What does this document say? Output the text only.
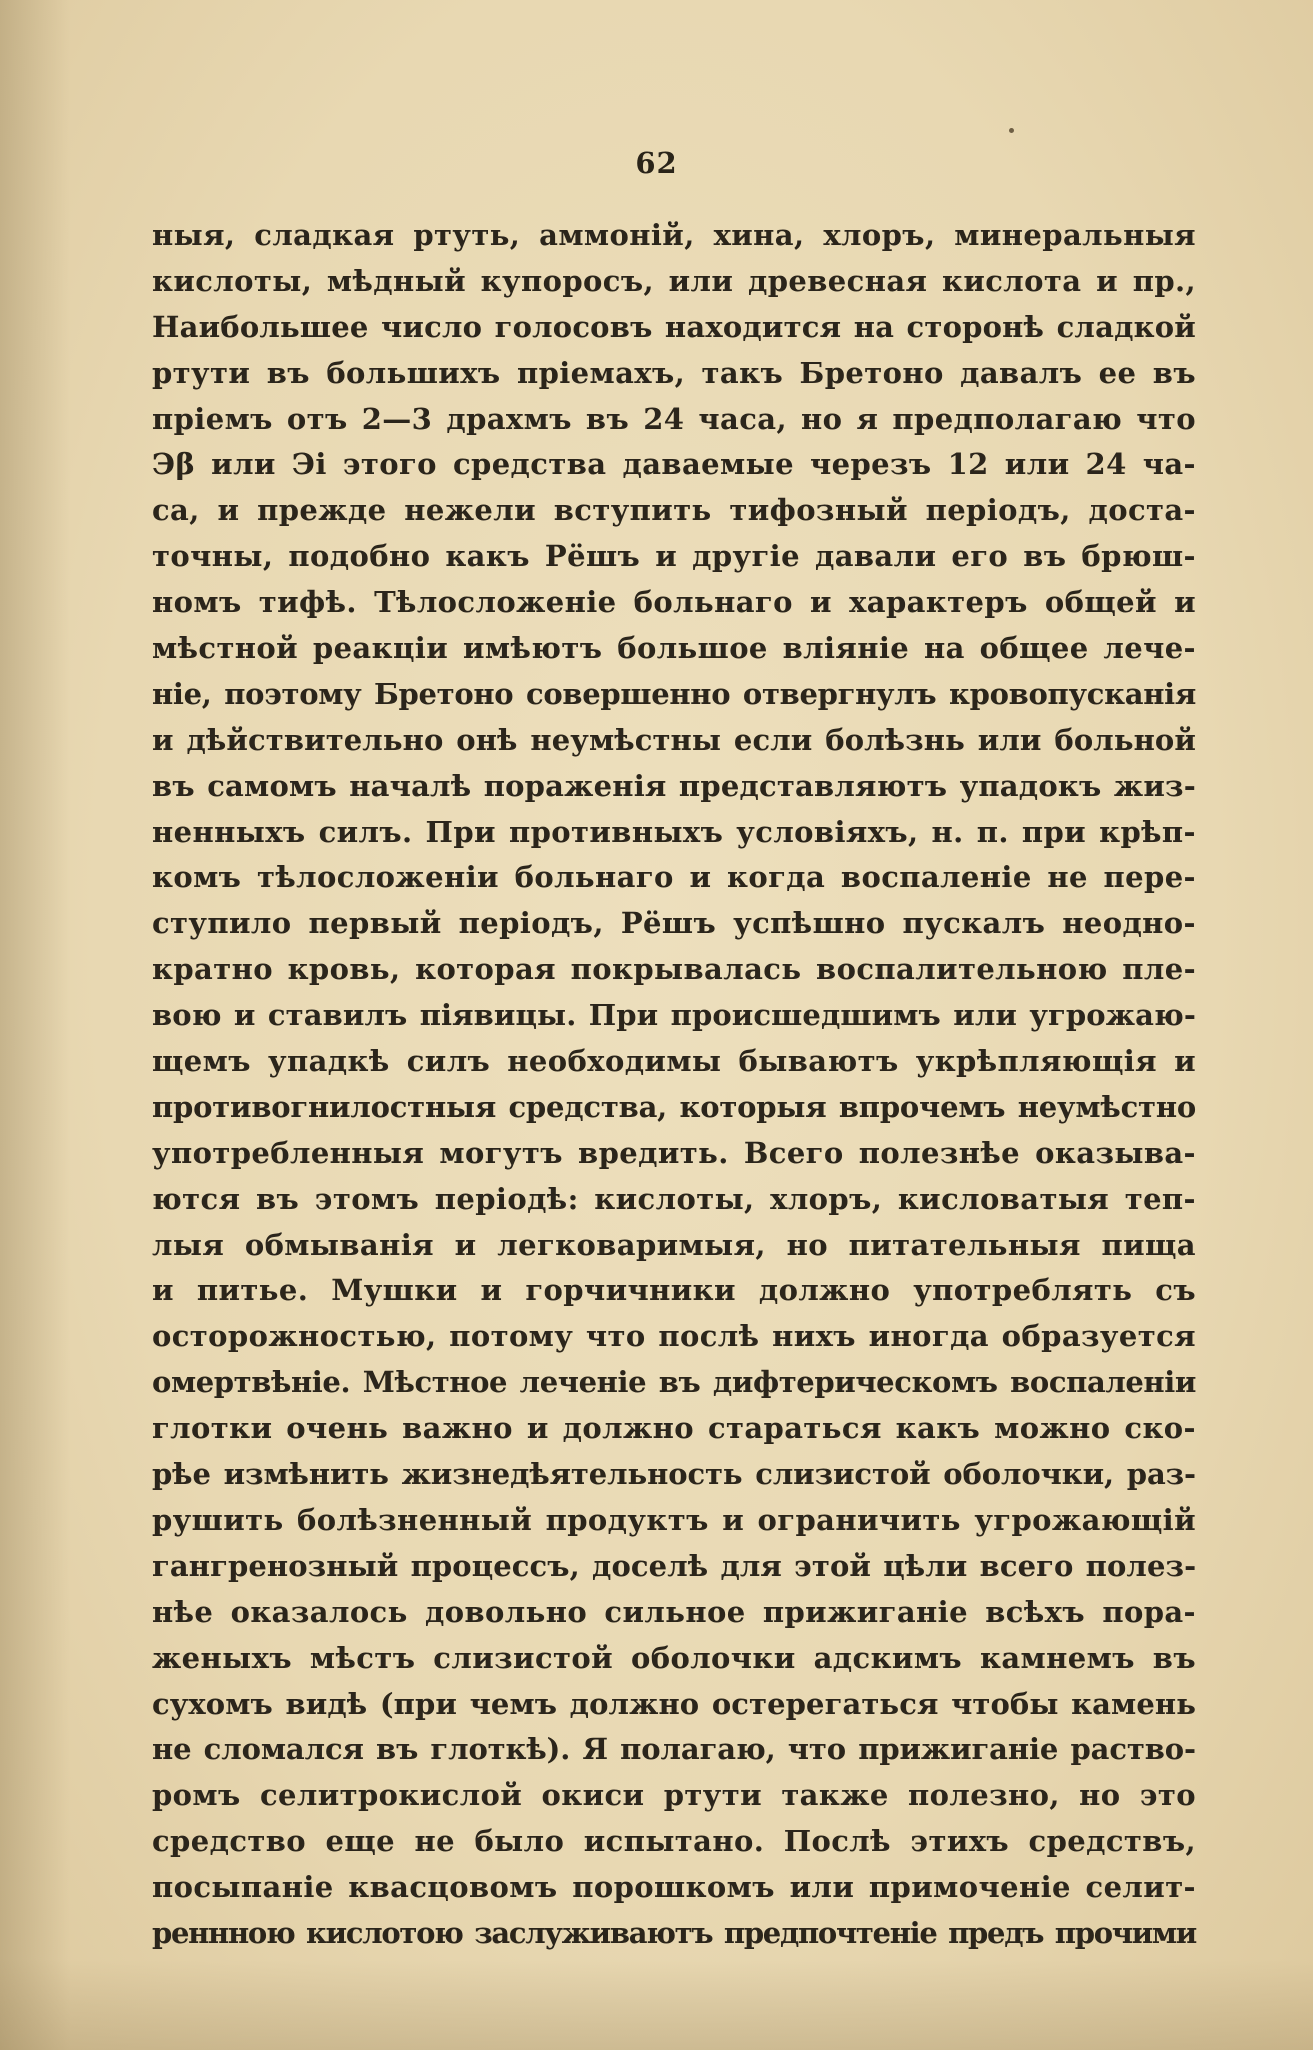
62
ныя, сладкая ртуть, аммоній, хина, хлоръ, минеральныя
кислоты, мѣдный купоросъ, или древесная кислота и пр.,
Наибольшее число голосовъ находится на сторонѣ сладкой
ртути въ большихъ пріемахъ, такъ Бретоно давалъ ее въ
пріемъ отъ 2—3 драхмъ въ 24 часа, но я предполагаю что
Эβ или Эі этого средства даваемые черезъ 12 или 24 ча-
са, и прежде нежели вступить тифозный періодъ, доста-
точны, подобно какъ Рёшъ и другіе давали его въ брюш-
номъ тифѣ. Тѣлосложеніе больнаго и характеръ общей и
мѣстной реакціи имѣютъ большое вліяніе на общее лече-
ніе, поэтому Бретоно совершенно отвергнулъ кровопусканія
и дѣйствительно онѣ неумѣстны если болѣзнь или больной
въ самомъ началѣ пораженія представляютъ упадокъ жиз-
ненныхъ силъ. При противныхъ условіяхъ, н. п. при крѣп-
комъ тѣлосложеніи больнаго и когда воспаленіе не пере-
ступило первый періодъ, Рёшъ успѣшно пускалъ неодно-
кратно кровь, которая покрывалась воспалительною пле-
вою и ставилъ піявицы. При происшедшимъ или угрожаю-
щемъ упадкѣ силъ необходимы бываютъ укрѣпляющія и
противогнилостныя средства, которыя впрочемъ неумѣстно
употребленныя могутъ вредить. Всего полезнѣе оказыва-
ются въ этомъ періодѣ: кислоты, хлоръ, кисловатыя теп-
лыя обмыванія и легковаримыя, но питательныя пища
и питье. Мушки и горчичники должно употреблять съ
осторожностью, потому что послѣ нихъ иногда образуется
омертвѣніе. Мѣстное леченіе въ дифтерическомъ воспаленіи
глотки очень важно и должно стараться какъ можно ско-
рѣе измѣнить жизнедѣятельность слизистой оболочки, раз-
рушить болѣзненный продуктъ и ограничить угрожающій
гангренозный процессъ, доселѣ для этой цѣли всего полез-
нѣе оказалось довольно сильное прижиганіе всѣхъ пора-
женыхъ мѣстъ слизистой оболочки адскимъ камнемъ въ
сухомъ видѣ (при чемъ должно остерегаться чтобы камень
не сломался въ глоткѣ). Я полагаю, что прижиганіе раство-
ромъ селитрокислой окиси ртути также полезно, но это
средство еще не было испытано. Послѣ этихъ средствъ,
посыпаніе квасцовомъ порошкомъ или примоченіе селит-
реннною кислотою заслуживаютъ предпочтеніе предъ прочими
